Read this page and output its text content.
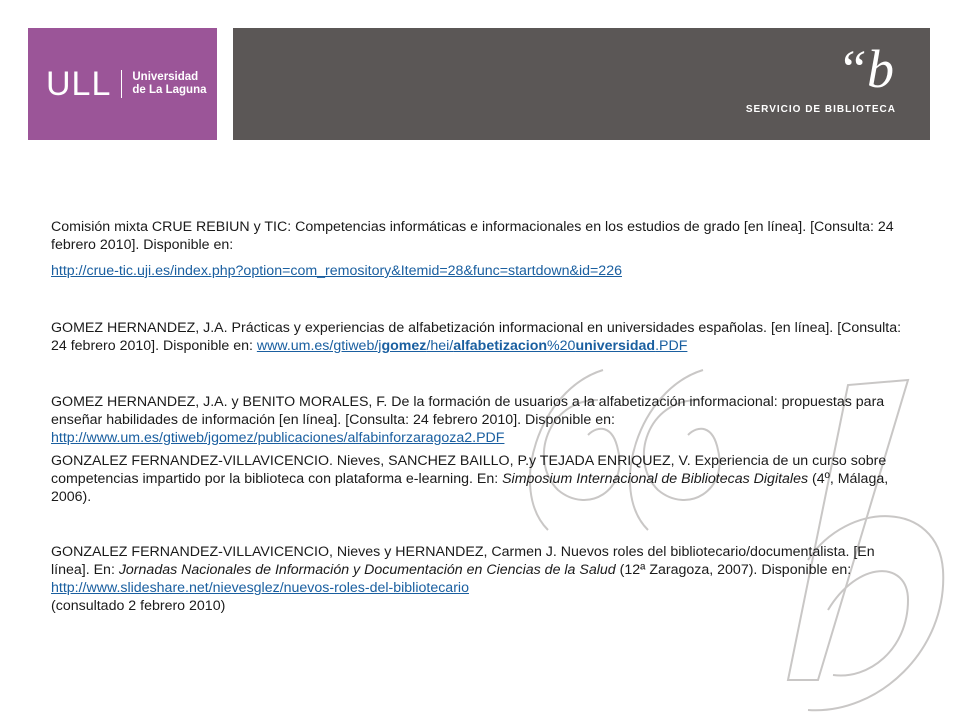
ULL Universidad
de La Laguna	“b
SERVICIO DE BIBLIOTECA

Comisión mixta CRUE REBIUN y TIC: Competencias informáticas e informacionales en los estudios de grado [en línea]. [Consulta: 24 febrero 2010]. Disponible en:

http://crue-tic.uji.es/index.php?option=com_remository&Itemid=28&func=startdown&id=226

GOMEZ HERNANDEZ, J.A. Prácticas y experiencias de alfabetización informacional en universidades españolas. [en línea]. [Consulta: 24 febrero 2010]. Disponible en: www.um.es/gtiweb/jgomez/hei/alfabetizacion%20universidad.PDF

GOMEZ HERNANDEZ, J.A. y BENITO MORALES, F. De la formación de usuarios a la alfabetización informacional: propuestas para enseñar habilidades de información [en línea]. [Consulta: 24 febrero 2010]. Disponible en: http://www.um.es/gtiweb/jgomez/publicaciones/alfabinforzaragoza2.PDF

GONZALEZ FERNANDEZ-VILLAVICENCIO. Nieves, SANCHEZ BAILLO, P.y TEJADA ENRIQUEZ, V. Experiencia de un curso sobre competencias impartido por la biblioteca con plataforma e-learning. En: Simposium Internacional de Bibliotecas Digitales (4º, Málaga, 2006).

GONZALEZ FERNANDEZ-VILLAVICENCIO, Nieves y HERNANDEZ, Carmen J. Nuevos roles del bibliotecario/documentalista. [En línea]. En: Jornadas Nacionales de Información y Documentación en Ciencias de la Salud (12ª Zaragoza, 2007). Disponible en: http://www.slideshare.net/nievesglez/nuevos-roles-del-bibliotecario
(consultado 2 febrero 2010)
